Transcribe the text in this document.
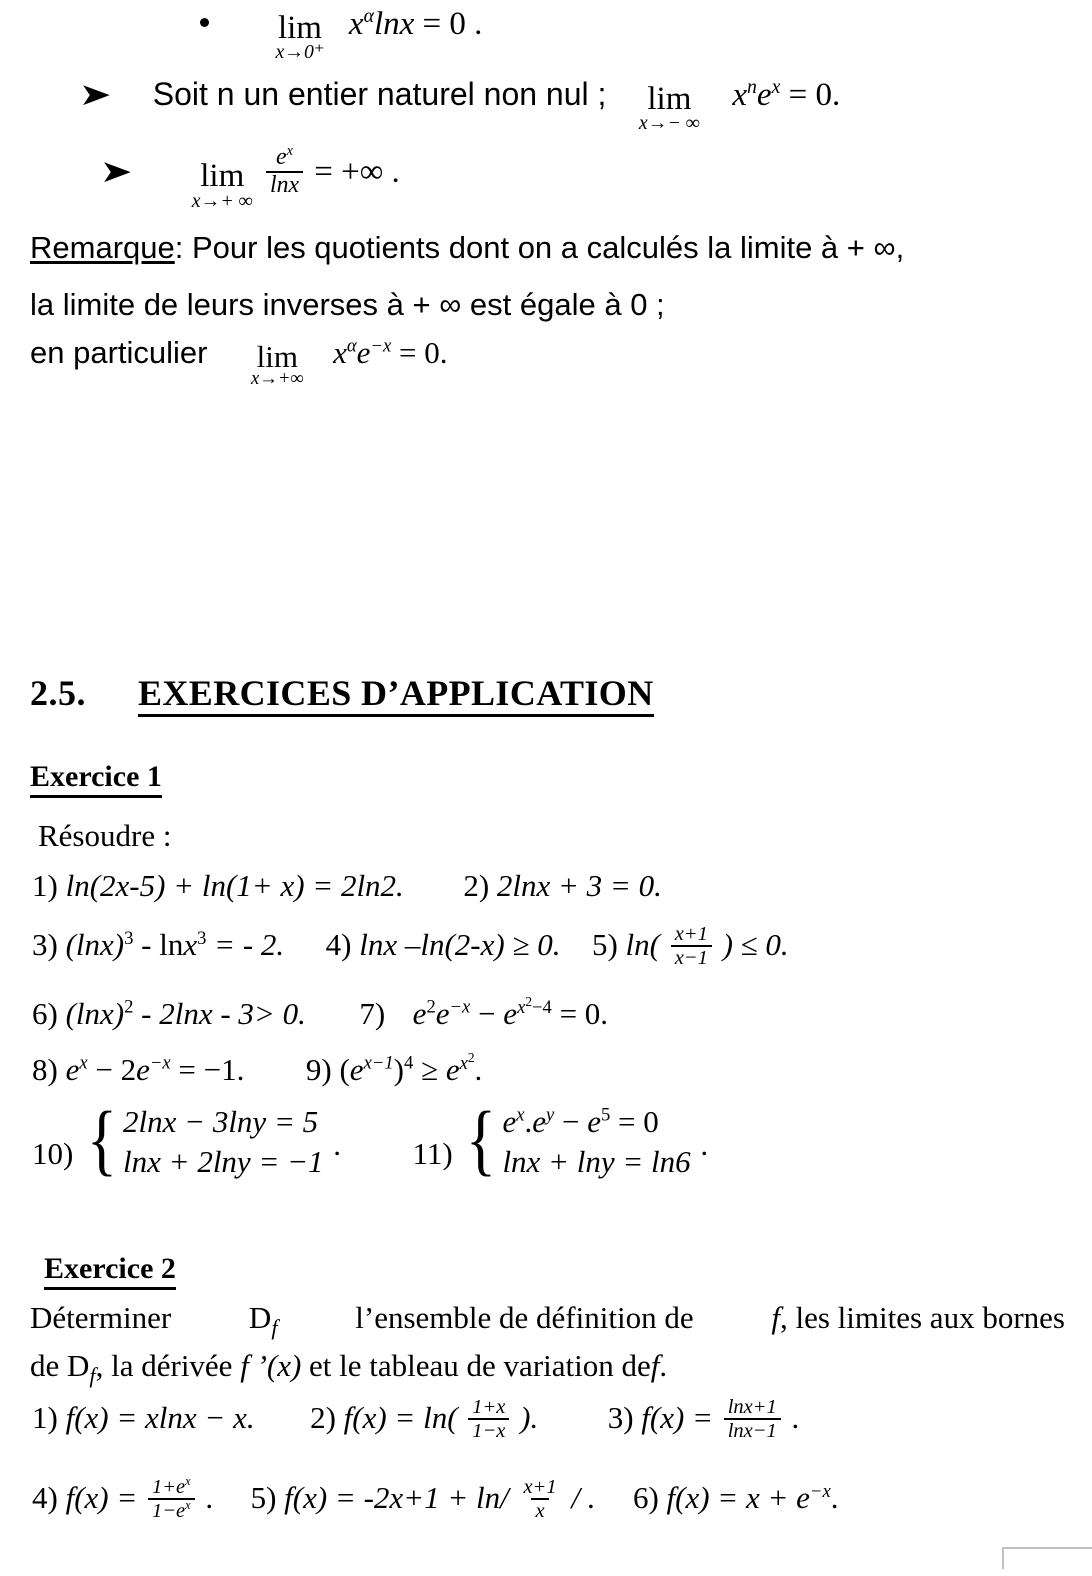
lim
x→0⁺
$x^\alpha\ln x = 0$ .
➤ Soit n un entier naturel non nul ; lim
x→− ∞
$x^ne^x = 0$.
➤ lim
x→+ ∞

$\frac{e^x}{\ln x}$ = +∞ .
Remarque: Pour les quotients dont on a calculés la limite à + ∞,
la limite de leurs inverses à + ∞ est égale à 0 ;
en particulier lim
x→+∞
$x^\alpha e^{-x} = 0$.
2.5. EXERCICES D’APPLICATION
Exercice 1
Résoudre :
1) ln(2x-5) + ln(1+ x) = 2ln2. 2) 2lnx + 3 = 0.
3) $(\ln x)^3 - \ln x^3$ = - 2. 4) lnx –ln(2-x) ≥ 0. 5) $\ln( \frac{x+1}{x-1}$ ) ≤ 0.
6) $(\ln x)^2 - 2\ln x - 3> 0$. 7) $e^2e^{-x} - e^{x^2-4} = 0$.
8) $e^x - 2e^{-x} = -1$. 9) $(e^{x-1})^4 \ge e^{x^2}$.
10) { 2lnx − 3lny = 5
lnx + 2lny = −1 . 11) { $e^x.e^y - e^5 = 0$
lnx + lny = ln6 .
Exercice 2
Déterminer	$D_f$	l’ensemble de définition de	f, les limites aux bornes
de $D_f$, la dérivée f ’(x) et le tableau de variation def.
1) f(x) = xlnx − x. 2) $f(x) = \ln( \frac{1+x}{1-x}$ ). 3) $f(x) = \frac{\ln x+1}{\ln x-1}$ .
4) $f(x) = \frac{1+e^x}{1-e^x}$ . 5) $f(x) = -2x+1 + \ln/ \frac{x+1}{x}$ / . 6) $f(x) = x + e^{-x}$.
